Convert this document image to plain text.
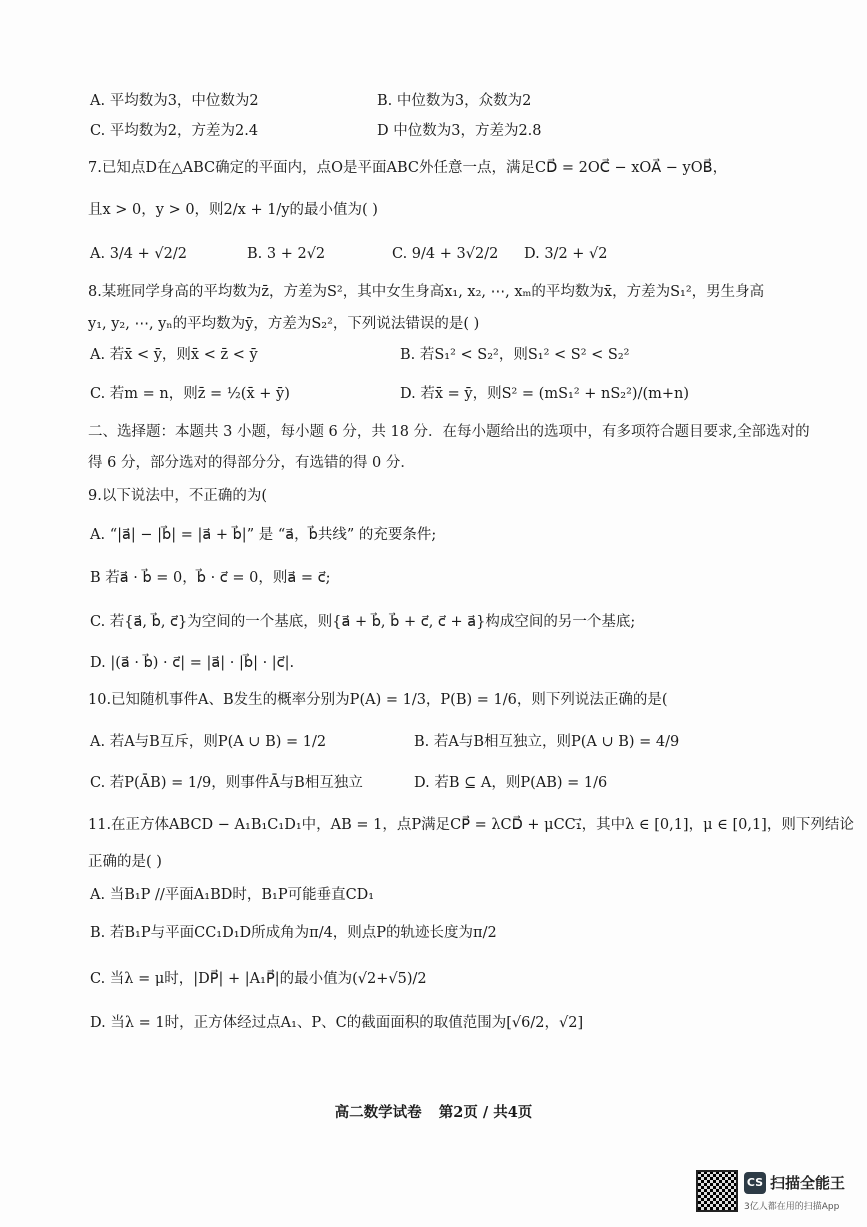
A. 平均数为3，中位数为2	B. 中位数为3，众数为2
C. 平均数为2，方差为2.4	D 中位数为3，方差为2.8
7.已知点D在△ABC确定的平面内，点O是平面ABC外任意一点，满足CD⃗ = 2OC⃗ − xOA⃗ − yOB⃗，
且x > 0，y > 0，则2/x + 1/y的最小值为( )
A. 3/4 + √2/2	B. 3 + 2√2	C. 9/4 + 3√2/2 D. 3/2 + √2
8.某班同学身高的平均数为z̄，方差为S²，其中女生身高x₁, x₂, ⋯, xₘ的平均数为x̄，方差为S₁²，男生身高
y₁, y₂, ⋯, yₙ的平均数为ȳ，方差为S₂²，下列说法错误的是( )
A. 若x̄ < ȳ，则x̄ < z̄ < ȳ	B. 若S₁² < S₂²，则S₁² < S² < S₂²
C. 若m = n，则z̄ = ½(x̄ + ȳ)	D. 若x̄ = ȳ，则S² = (mS₁² + nS₂²)/(m+n)
二、选择题：本题共 3 小题，每小题 6 分，共 18 分．在每小题给出的选项中，有多项符合题目要求,全部选对的
得 6 分，部分选对的得部分分，有选错的得 0 分．
9.以下说法中，不正确的为(
A. “|a⃗| − |b⃗| = |a⃗ + b⃗|” 是 “a⃗，b⃗共线” 的充要条件;
B 若a⃗ · b⃗ = 0，b⃗ · c⃗ = 0，则a⃗ = c⃗;
C. 若{a⃗, b⃗, c⃗}为空间的一个基底，则{a⃗ + b⃗, b⃗ + c⃗, c⃗ + a⃗}构成空间的另一个基底;
D. |(a⃗ · b⃗) · c⃗| = |a⃗| · |b⃗| · |c⃗|.
10.已知随机事件A、B发生的概率分别为P(A) = 1/3，P(B) = 1/6，则下列说法正确的是(
A. 若A与B互斥，则P(A ∪ B) = 1/2	B. 若A与B相互独立，则P(A ∪ B) = 4/9
C. 若P(ĀB) = 1/9，则事件Ā与B相互独立	D. 若B ⊆ A，则P(AB) = 1/6
11.在正方体ABCD − A₁B₁C₁D₁中，AB = 1，点P满足CP⃗ = λCD⃗ + μCC₁⃗，其中λ ∈ [0,1]，μ ∈ [0,1]，则下列结论
正确的是( )
A. 当B₁P //平面A₁BD时，B₁P可能垂直CD₁
B. 若B₁P与平面CC₁D₁D所成角为π/4，则点P的轨迹长度为π/2
C. 当λ = μ时，|DP⃗| + |A₁P⃗|的最小值为(√2+√5)/2
D. 当λ = 1时，正方体经过点A₁、P、C的截面面积的取值范围为[√6/2，√2]
高二数学试卷 第2页 / 共4页
CS 扫描全能王
3亿人都在用的扫描App
